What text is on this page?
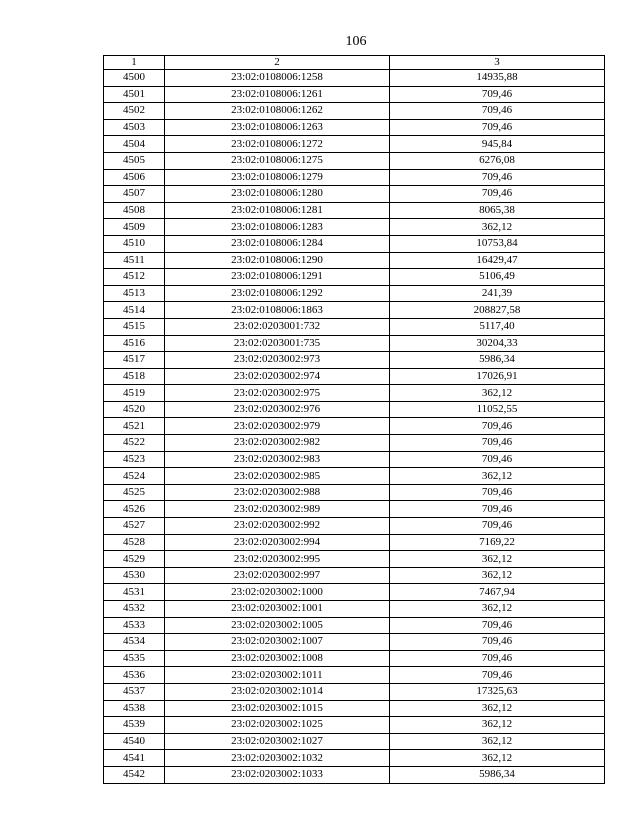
106
1	2	3
4500	23:02:0108006:1258	14935,88
4501	23:02:0108006:1261	709,46
4502	23:02:0108006:1262	709,46
4503	23:02:0108006:1263	709,46
4504	23:02:0108006:1272	945,84
4505	23:02:0108006:1275	6276,08
4506	23:02:0108006:1279	709,46
4507	23:02:0108006:1280	709,46
4508	23:02:0108006:1281	8065,38
4509	23:02:0108006:1283	362,12
4510	23:02:0108006:1284	10753,84
4511	23:02:0108006:1290	16429,47
4512	23:02:0108006:1291	5106,49
4513	23:02:0108006:1292	241,39
4514	23:02:0108006:1863	208827,58
4515	23:02:0203001:732	5117,40
4516	23:02:0203001:735	30204,33
4517	23:02:0203002:973	5986,34
4518	23:02:0203002:974	17026,91
4519	23:02:0203002:975	362,12
4520	23:02:0203002:976	11052,55
4521	23:02:0203002:979	709,46
4522	23:02:0203002:982	709,46
4523	23:02:0203002:983	709,46
4524	23:02:0203002:985	362,12
4525	23:02:0203002:988	709,46
4526	23:02:0203002:989	709,46
4527	23:02:0203002:992	709,46
4528	23:02:0203002:994	7169,22
4529	23:02:0203002:995	362,12
4530	23:02:0203002:997	362,12
4531	23:02:0203002:1000	7467,94
4532	23:02:0203002:1001	362,12
4533	23:02:0203002:1005	709,46
4534	23:02:0203002:1007	709,46
4535	23:02:0203002:1008	709,46
4536	23:02:0203002:1011	709,46
4537	23:02:0203002:1014	17325,63
4538	23:02:0203002:1015	362,12
4539	23:02:0203002:1025	362,12
4540	23:02:0203002:1027	362,12
4541	23:02:0203002:1032	362,12
4542	23:02:0203002:1033	5986,34
